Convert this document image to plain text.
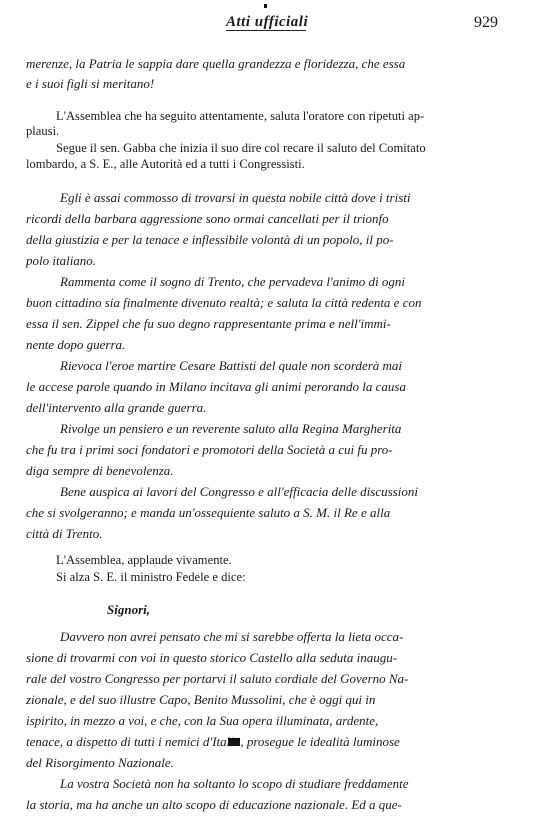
Atti ufficiali	929
merenze, la Patria le sappia dare quella grandezza e floridezza, che essa
e i suoi figli si meritano!
L'Assemblea che ha seguito attentamente, saluta l'oratore con ripetuti ap-
plausi.
Segue il sen. Gabba che inizia il suo dire col recare il saluto del Comitato
lombardo, a S. E., alle Autorità ed a tutti i Congressisti.
Egli è assai commosso di trovarsi in questa nobile città dove i tristi
ricordi della barbara aggressione sono ormai cancellati per il trionfo
della giustizia e per la tenace e inflessibile volontà di un popolo, il po-
polo italiano.
Rammenta come il sogno di Trento, che pervadeva l'animo di ogni
buon cittadino sia finalmente divenuto realtà; e saluta la città redenta e con
essa il sen. Zippel che fu suo degno rappresentante prima e nell'immi-
nente dopo guerra.
Rievoca l'eroe martire Cesare Battisti del quale non scorderà mai
le accese parole quando in Milano incitava gli animi perorando la causa
dell'intervento alla grande guerra.
Rivolge un pensiero e un reverente saluto alla Regina Margherita
che fu tra i primi soci fondatori e promotori della Società a cui fu pro-
diga sempre di benevolenza.
Bene auspica ai lavori del Congresso e all'efficacia delle discussioni
che si svolgeranno; e manda un'ossequiente saluto a S. M. il Re e alla
città di Trento.
L'Assemblea, applaude vivamente.
Si alza S. E. il ministro Fedele e dice:
Signori,
Davvero non avrei pensato che mi si sarebbe offerta la lieta occa-
sione di trovarmi con voi in questo storico Castello alla seduta inaugu-
rale del vostro Congresso per portarvi il saluto cordiale del Governo Na-
zionale, e del suo illustre Capo, Benito Mussolini, che è oggi qui in
ispirito, in mezzo a voi, e che, con la Sua opera illuminata, ardente,
tenace, a dispetto di tutti i nemici d'Italia, prosegue le idealità luminose
del Risorgimento Nazionale.
La vostra Società non ha soltanto lo scopo di studiare freddamente
la storia, ma ha anche un alto scopo di educazione nazionale. Ed a que-
